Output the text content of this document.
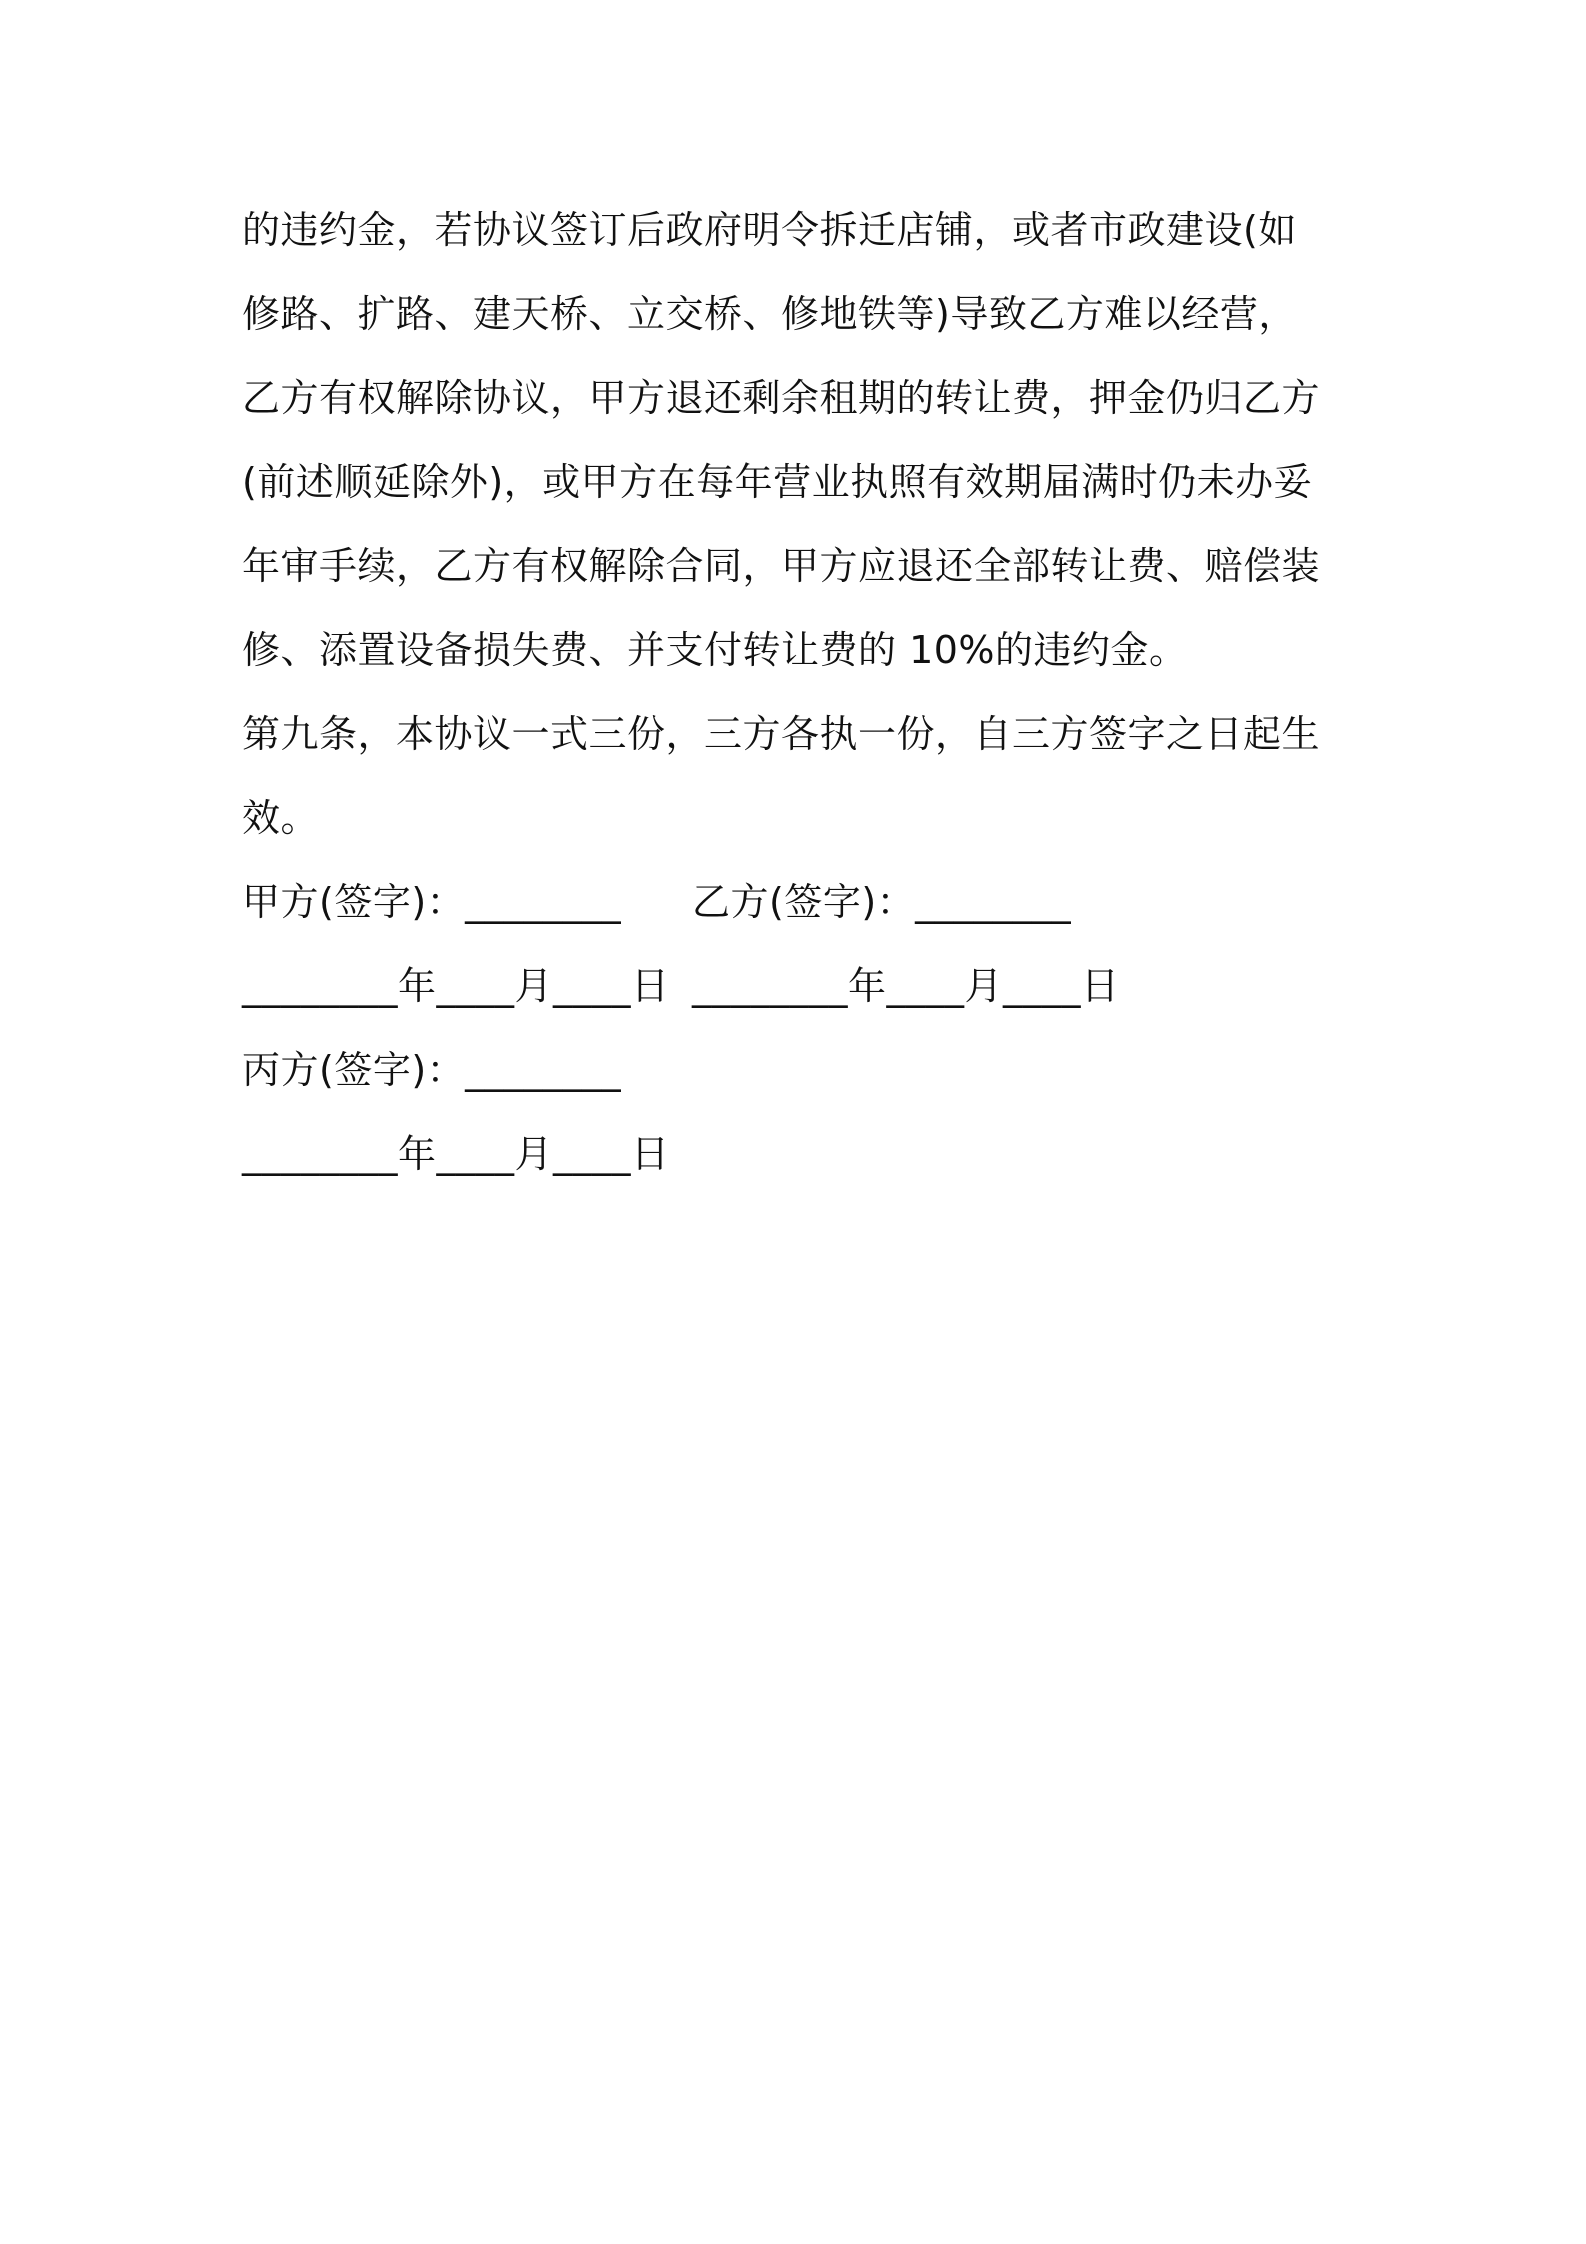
的违约金，若协议签订后政府明令拆迁店铺，或者市政建设(如
修路、扩路、建天桥、立交桥、修地铁等)导致乙方难以经营，
乙方有权解除协议，甲方退还剩余租期的转让费，押金仍归乙方
(前述顺延除外)，或甲方在每年营业执照有效期届满时仍未办妥
年审手续，乙方有权解除合同，甲方应退还全部转让费、赔偿装
修、添置设备损失费、并支付转让费的 10%的违约金。
第九条，本协议一式三份，三方各执一份，自三方签字之日起生
效。
甲方(签字)：________	乙方(签字)：________
________年____月____日 ________年____月____日
丙方(签字)：________
________年____月____日
